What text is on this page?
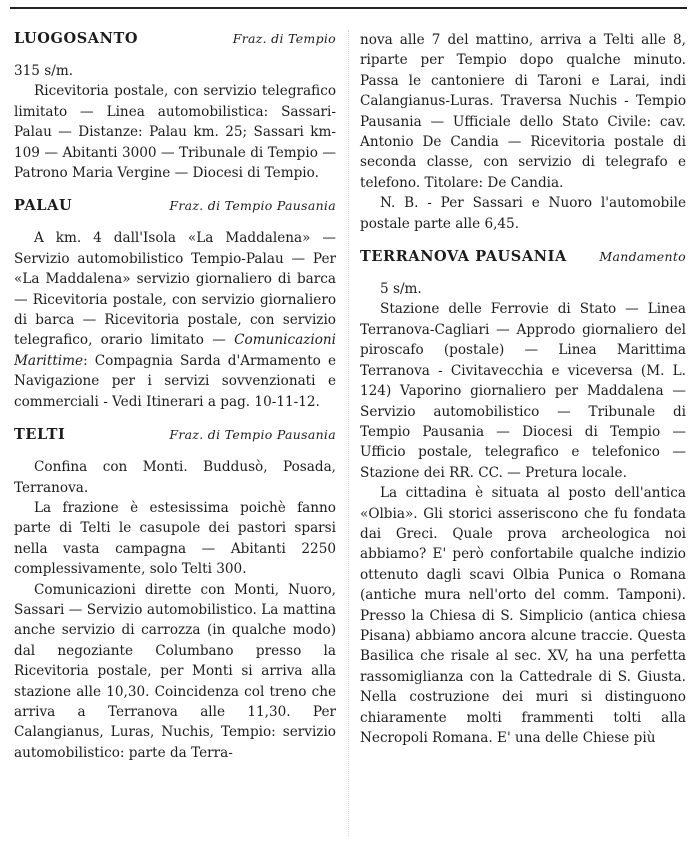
LUOGOSANTO	Fraz. di Tempio

315 s/m.

Ricevitoria postale, con servizio telegrafico limitato — Linea automobilistica: Sassari-Palau — Distanze: Palau km. 25; Sassari km- 109 — Abitanti 3000 — Tribunale di Tempio — Patrono Maria Vergine — Diocesi di Tempio.

PALAU	Fraz. di Tempio Pausania

A km. 4 dall'Isola «La Maddalena» — Servizio automobilistico Tempio-Palau — Per «La Maddalena» servizio giornaliero di barca — Ricevitoria postale, con servizio giornaliero di barca — Ricevitoria postale, con servizio telegrafico, orario limitato — Comunicazioni Marittime: Compagnia Sarda d'Armamento e Navigazione per i servizi sovvenzionati e commerciali - Vedi Itinerari a pag. 10-11-12.

TELTI	Fraz. di Tempio Pausania

Confina con Monti. Buddusò, Posada, Terranova.

La frazione è estesissima poichè fanno parte di Telti le casupole dei pastori sparsi nella vasta campagna — Abitanti 2250 complessivamente, solo Telti 300.

Comunicazioni dirette con Monti, Nuoro, Sassari — Servizio automobilistico. La mattina anche servizio di carrozza (in qualche modo) dal negoziante Columbano presso la Ricevitoria postale, per Monti si arriva alla stazione alle 10,30. Coincidenza col treno che arriva a Terranova alle 11,30. Per Calangianus, Luras, Nuchis, Tempio: servizio automobilistico: parte da Terra-

nova alle 7 del mattino, arriva a Telti alle 8, riparte per Tempio dopo qualche minuto. Passa le cantoniere di Taroni e Larai, indi Calangianus-Luras. Traversa Nuchis - Tempio Pausania — Ufficiale dello Stato Civile: cav. Antonio De Candia — Ricevitoria postale di seconda classe, con servizio di telegrafo e telefono. Titolare: De Candia.

N. B. - Per Sassari e Nuoro l'automobile postale parte alle 6,45.

TERRANOVA PAUSANIA	Mandamento

5 s/m.

Stazione delle Ferrovie di Stato — Linea Terranova-Cagliari — Approdo giornaliero del piroscafo (postale) — Linea Marittima Terranova - Civitavecchia e viceversa (M. L. 124) Vaporino giornaliero per Maddalena — Servizio automobilistico — Tribunale di Tempio Pausania — Diocesi di Tempio — Ufficio postale, telegrafico e telefonico — Stazione dei RR. CC. — Pretura locale.

La cittadina è situata al posto dell'antica «Olbia». Gli storici asseriscono che fu fondata dai Greci. Quale prova archeologica noi abbiamo? E' però confortabile qualche indizio ottenuto dagli scavi Olbia Punica o Romana (antiche mura nell'orto del comm. Tamponi). Presso la Chiesa di S. Simplicio (antica chiesa Pisana) abbiamo ancora alcune traccie. Questa Basilica che risale al sec. XV, ha una perfetta rassomiglianza con la Cattedrale di S. Giusta. Nella costruzione dei muri si distinguono chiaramente molti frammenti tolti alla Necropoli Romana. E' una delle Chiese più
